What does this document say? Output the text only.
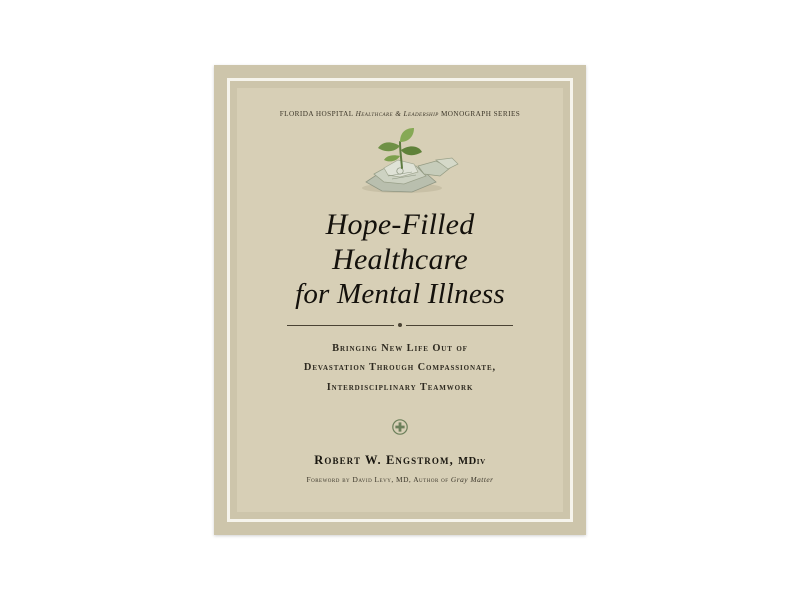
FLORIDA HOSPITAL Healthcare & Leadership MONOGRAPH SERIES
Hope-Filled Healthcare
for Mental Illness
Bringing New Life Out of
Devastation Through Compassionate,
Interdisciplinary Teamwork
Robert W. Engstrom, MDiv
Foreword by David Levy, MD, Author of Gray Matter
